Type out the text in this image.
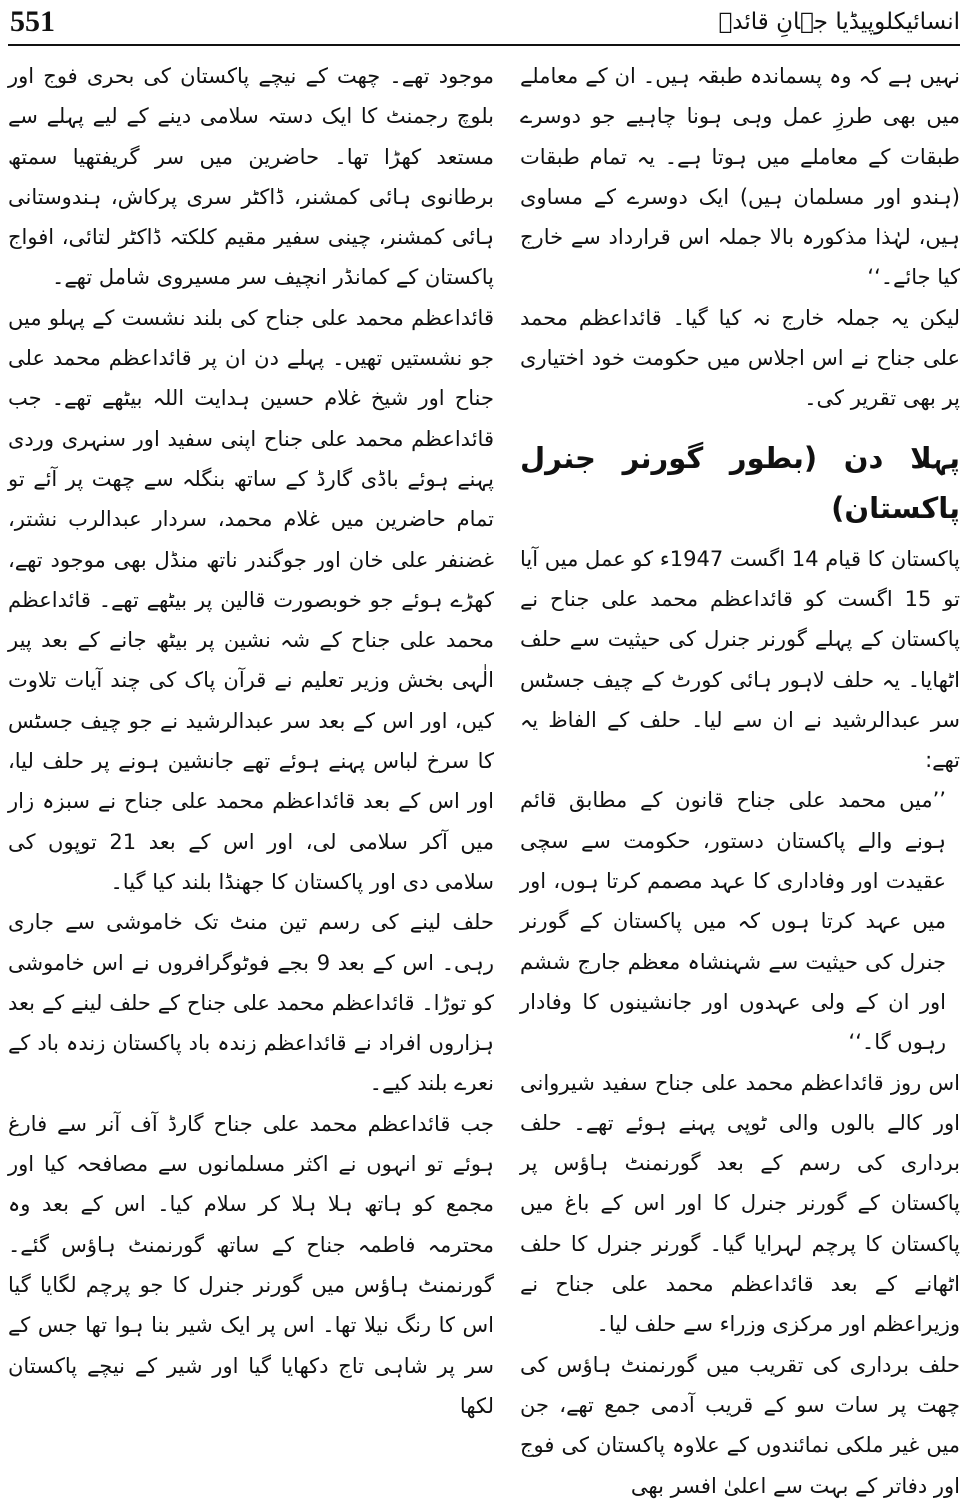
551	انسائیکلوپیڈیا جہانِ قائدؒ

نہیں ہے کہ وہ پسماندہ طبقہ ہیں۔ ان کے معاملے میں بھی طرزِ عمل وہی ہونا چاہیے جو دوسرے طبقات کے معاملے میں ہوتا ہے۔ یہ تمام طبقات (ہندو اور مسلمان ہیں) ایک دوسرے کے مساوی ہیں، لہٰذا مذکورہ بالا جملہ اس قرارداد سے خارج کیا جائے۔‘‘

لیکن یہ جملہ خارج نہ کیا گیا۔ قائداعظم محمد علی جناح نے اس اجلاس میں حکومت خود اختیاری پر بھی تقریر کی۔

پہلا دن (بطور گورنر جنرل پاکستان)

پاکستان کا قیام 14 اگست 1947ء کو عمل میں آیا تو 15 اگست کو قائداعظم محمد علی جناح نے پاکستان کے پہلے گورنر جنرل کی حیثیت سے حلف اٹھایا۔ یہ حلف لاہور ہائی کورٹ کے چیف جسٹس سر عبدالرشید نے ان سے لیا۔ حلف کے الفاظ یہ تھے:

’’میں محمد علی جناح قانون کے مطابق قائم ہونے والے پاکستان دستور، حکومت سے سچی عقیدت اور وفاداری کا عہد مصمم کرتا ہوں، اور میں عہد کرتا ہوں کہ میں پاکستان کے گورنر جنرل کی حیثیت سے شہنشاہ معظم جارج ششم اور ان کے ولی عہدوں اور جانشینوں کا وفادار رہوں گا۔‘‘

اس روز قائداعظم محمد علی جناح سفید شیروانی اور کالے بالوں والی ٹوپی پہنے ہوئے تھے۔ حلف برداری کی رسم کے بعد گورنمنٹ ہاؤس پر پاکستان کے گورنر جنرل کا اور اس کے باغ میں پاکستان کا پرچم لہرایا گیا۔ گورنر جنرل کا حلف اٹھانے کے بعد قائداعظم محمد علی جناح نے وزیراعظم اور مرکزی وزراء سے حلف لیا۔

حلف برداری کی تقریب میں گورنمنٹ ہاؤس کی چھت پر سات سو کے قریب آدمی جمع تھے، جن میں غیر ملکی نمائندوں کے علاوہ پاکستان کی فوج اور دفاتر کے بہت سے اعلیٰ افسر بھی

موجود تھے۔ چھت کے نیچے پاکستان کی بحری فوج اور بلوچ رجمنٹ کا ایک دستہ سلامی دینے کے لیے پہلے سے مستعد کھڑا تھا۔ حاضرین میں سر گریفتھیا سمتھ برطانوی ہائی کمشنر، ڈاکٹر سری پرکاش، ہندوستانی ہائی کمشنر، چینی سفیر مقیم کلکتہ ڈاکٹر لتائی، افواج پاکستان کے کمانڈر انچیف سر مسیروی شامل تھے۔

قائداعظم محمد علی جناح کی بلند نشست کے پہلو میں جو نشستیں تھیں۔ پہلے دن ان پر قائداعظم محمد علی جناح اور شیخ غلام حسین ہدایت اللہ بیٹھے تھے۔ جب قائداعظم محمد علی جناح اپنی سفید اور سنہری وردی پہنے ہوئے باڈی گارڈ کے ساتھ بنگلہ سے چھت پر آئے تو تمام حاضرین میں غلام محمد، سردار عبدالرب نشتر، غضنفر علی خان اور جوگندر ناتھ منڈل بھی موجود تھے، کھڑے ہوئے جو خوبصورت قالین پر بیٹھے تھے۔ قائداعظم محمد علی جناح کے شہ نشین پر بیٹھ جانے کے بعد پیر الٰہی بخش وزیر تعلیم نے قرآن پاک کی چند آیات تلاوت کیں، اور اس کے بعد سر عبدالرشید نے جو چیف جسٹس کا سرخ لباس پہنے ہوئے تھے جانشین ہونے پر حلف لیا، اور اس کے بعد قائداعظم محمد علی جناح نے سبزہ زار میں آکر سلامی لی، اور اس کے بعد 21 توپوں کی سلامی دی اور پاکستان کا جھنڈا بلند کیا گیا۔

حلف لینے کی رسم تین منٹ تک خاموشی سے جاری رہی۔ اس کے بعد 9 بجے فوٹوگرافروں نے اس خاموشی کو توڑا۔ قائداعظم محمد علی جناح کے حلف لینے کے بعد ہزاروں افراد نے قائداعظم زندہ باد پاکستان زندہ باد کے نعرے بلند کیے۔

جب قائداعظم محمد علی جناح گارڈ آف آنر سے فارغ ہوئے تو انہوں نے اکثر مسلمانوں سے مصافحہ کیا اور مجمع کو ہاتھ ہلا ہلا کر سلام کیا۔ اس کے بعد وہ محترمہ فاطمہ جناح کے ساتھ گورنمنٹ ہاؤس گئے۔ گورنمنٹ ہاؤس میں گورنر جنرل کا جو پرچم لگایا گیا اس کا رنگ نیلا تھا۔ اس پر ایک شیر بنا ہوا تھا جس کے سر پر شاہی تاج دکھایا گیا اور شیر کے نیچے پاکستان لکھا
